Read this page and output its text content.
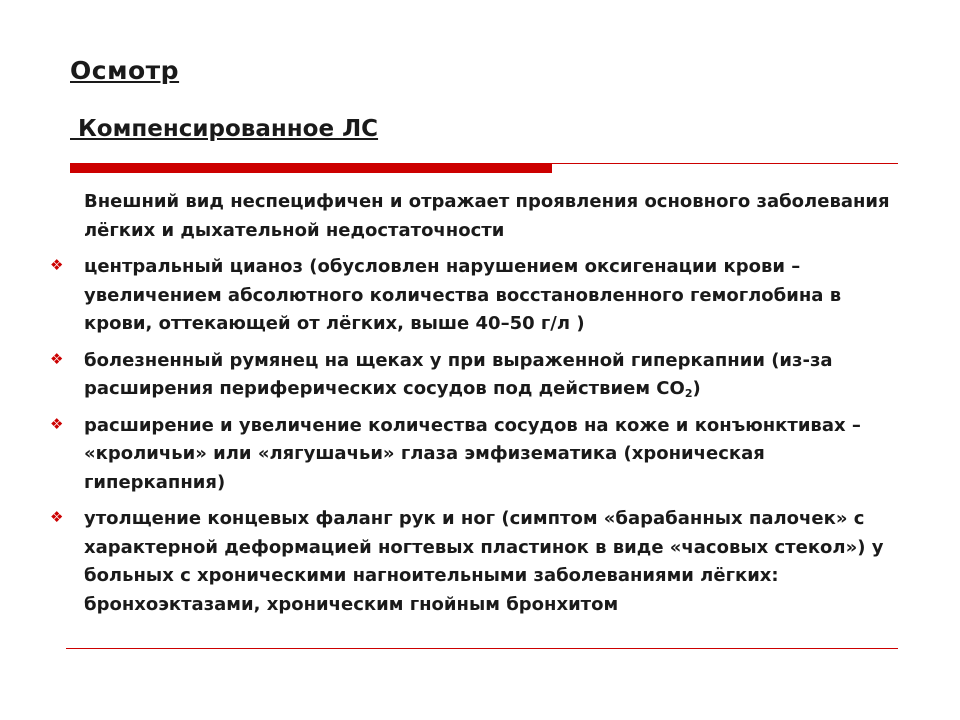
Осмотр
Компенсированное ЛС

Внешний вид неспецифичен и отражает проявления основного заболевания лёгких и дыхательной недостаточности

❖ центральный цианоз (обусловлен нарушением оксигенации крови – увеличением абсолютного количества восстановленного гемоглобина в крови, оттекающей от лёгких, выше 40–50 г/л )
❖ болезненный румянец на щеках у при выраженной гиперкапнии (из-за расширения периферических сосудов под действием $CO_2$)
❖ расширение и увеличение количества сосудов на коже и конъюнктивах – «кроличьи» или «лягушачьи» глаза эмфизематика (хроническая гиперкапния)
❖ утолщение концевых фаланг рук и ног (симптом «барабанных палочек» с характерной деформацией ногтевых пластинок в виде «часовых стекол») у больных с хроническими нагноительными заболеваниями лёгких: бронхоэктазами, хроническим гнойным бронхитом
